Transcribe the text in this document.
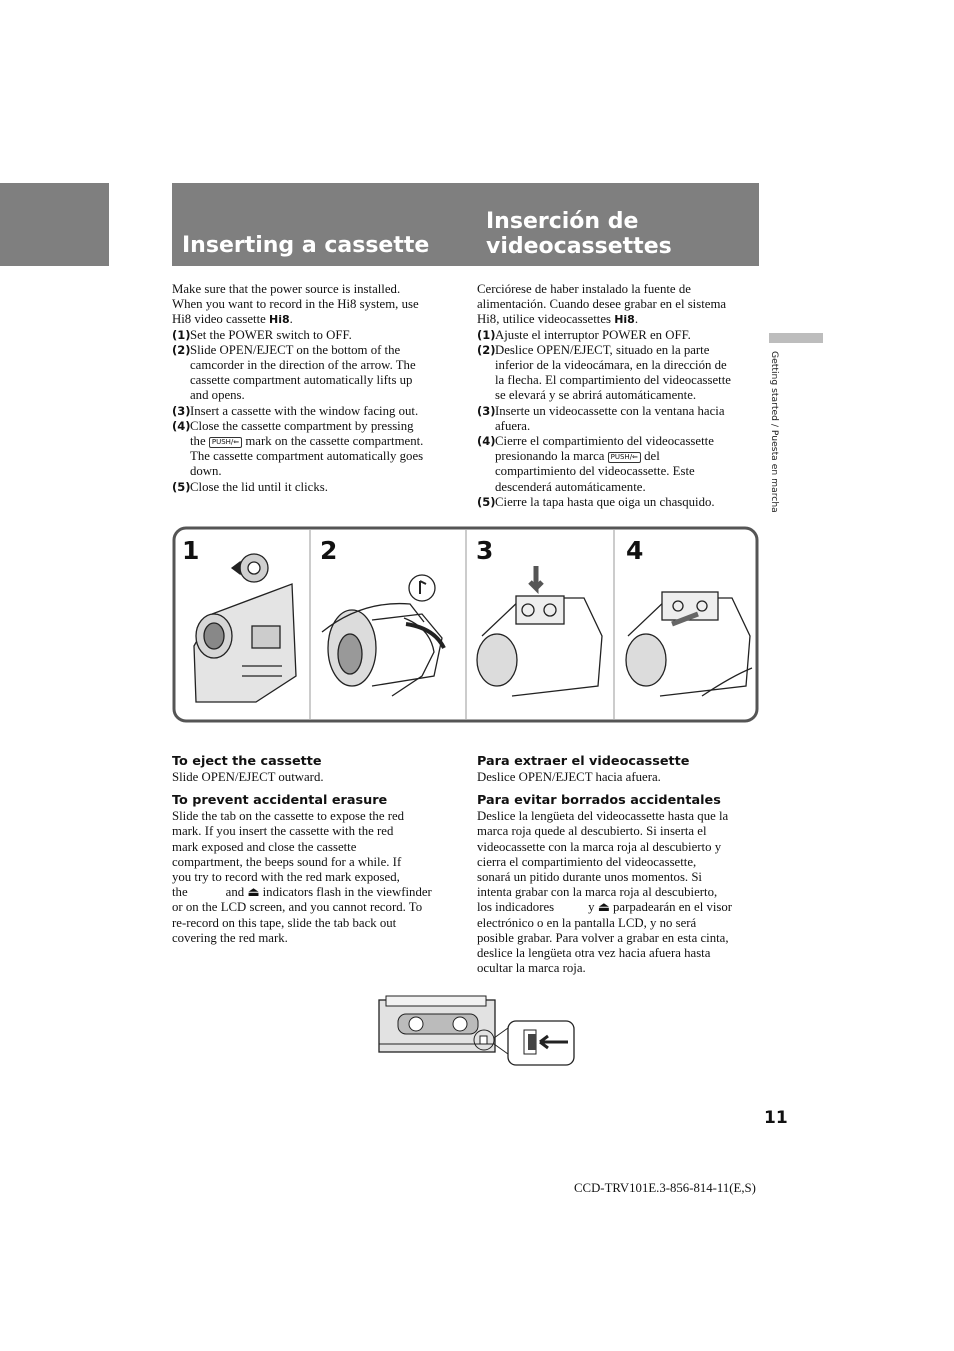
Inserting a cassette
Inserción de
videocassettes
Getting started / Puesta en marcha

Make sure that the power source is installed.

When you want to record in the Hi8 system, use

Hi8 video cassette Hi8.

(1) Set the POWER switch to OFF.
(2) Slide OPEN/EJECT on the bottom of the
camcorder in the direction of the arrow. The
cassette compartment automatically lifts up
and opens.
(3) Insert a cassette with the window facing out.
(4) Close the cassette compartment by pressing
the PUSH/⇐ mark on the cassette compartment.
The cassette compartment automatically goes
down.
(5) Close the lid until it clicks.

Cerciórese de haber instalado la fuente de

alimentación. Cuando desee grabar en el sistema

Hi8, utilice videocassettes Hi8.

(1) Ajuste el interruptor POWER en OFF.
(2) Deslice OPEN/EJECT, situado en la parte
inferior de la videocámara, en la dirección de
la flecha. El compartimiento del videocassette
se elevará y se abrirá automáticamente.
(3) Inserte un videocassette con la ventana hacia
afuera.
(4) Cierre el compartimiento del videocassette
presionando la marca PUSH/⇐ del
compartimiento del videocassette. Este
descenderá automáticamente.
(5) Cierre la tapa hasta que oiga un chasquido.
1	2	3	4

To eject the cassette

Slide OPEN/EJECT outward.

To prevent accidental erasure

Slide the tab on the cassette to expose the red

mark. If you insert the cassette with the red

mark exposed and close the cassette

compartment, the beeps sound for a while. If

you try to record with the red mark exposed,

the	and ⏏ indicators flash in the viewfinder

or on the LCD screen, and you cannot record. To

re-record on this tape, slide the tab back out

covering the red mark.

Para extraer el videocassette

Deslice OPEN/EJECT hacia afuera.

Para evitar borrados accidentales

Deslice la lengüeta del videocassette hasta que la

marca roja quede al descubierto. Si inserta el

videocassette con la marca roja al descubierto y

cierra el compartimiento del videocassette,

sonará un pitido durante unos momentos. Si

intenta grabar con la marca roja al descubierto,

los indicadores	y ⏏ parpadearán en el visor

electrónico o en la pantalla LCD, y no será

posible grabar. Para volver a grabar en esta cinta,

deslice la lengüeta otra vez hacia afuera hasta

ocultar la marca roja.

11
CCD-TRV101E.3-856-814-11(E,S)
